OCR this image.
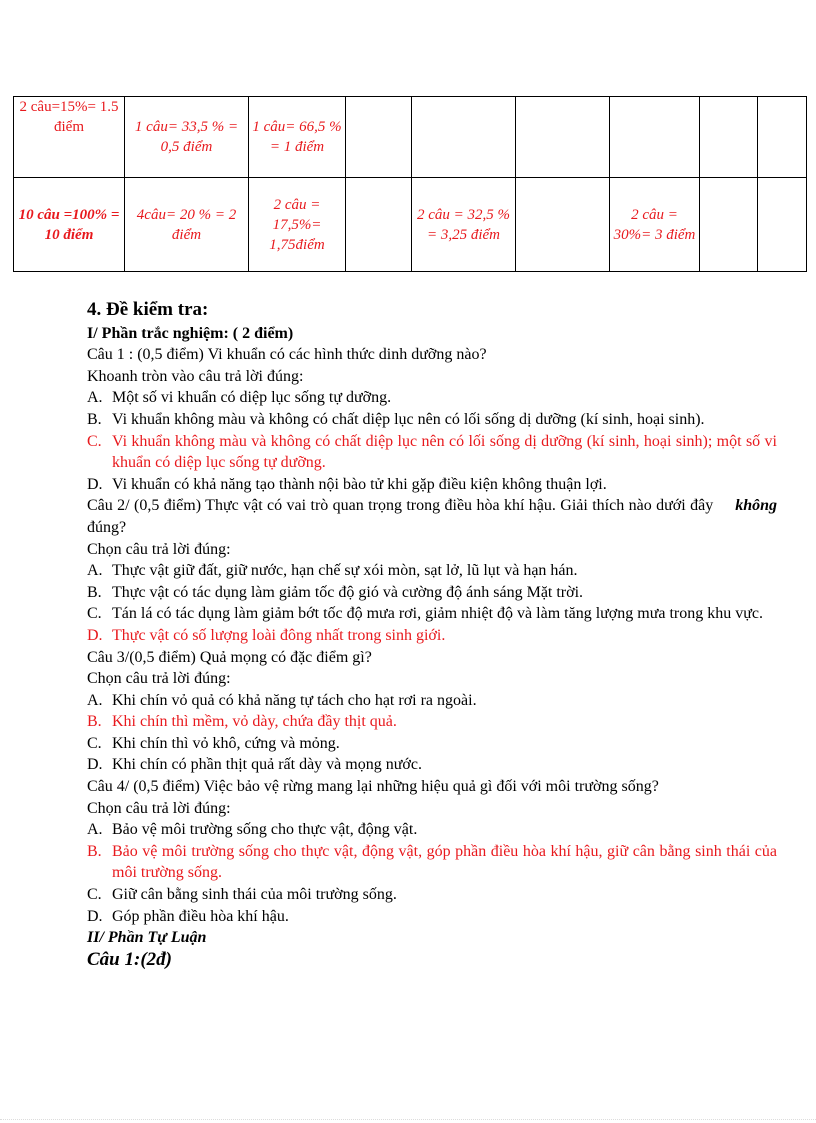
2 câu=15%= 1.5 điểm	1 câu= 33,5 % = 0,5 điểm	1 câu= 66,5 % = 1 điểm						
10 câu =100% = 10 điểm	4câu= 20 % = 2 điểm	2 câu = 17,5%= 1,75điểm		2 câu = 32,5 % = 3,25 điểm		2 câu = 30%= 3 điểm		
4. Đề kiểm tra:
I/ Phần trắc nghiệm: ( 2 điểm)
Câu 1 : (0,5 điểm) Vi khuẩn có các hình thức dinh dưỡng nào?
Khoanh tròn vào câu trả lời đúng:
A. Một số vi khuẩn có diệp lục sống tự dưỡng.
B. Vi khuẩn không màu và không có chất diệp lục nên có lối sống dị dưỡng (kí sinh, hoại sinh).
C. Vi khuẩn không màu và không có chất diệp lục nên có lối sống dị dưỡng (kí sinh, hoại sinh); một số vi khuẩn có diệp lục sống tự dưỡng.
D. Vi khuẩn có khả năng tạo thành nội bào tử khi gặp điều kiện không thuận lợi.
Câu 2/ (0,5 điểm) Thực vật có vai trò quan trọng trong điều hòa khí hậu. Giải thích nào dưới đây không đúng?
Chọn câu trả lời đúng:
A. Thực vật giữ đất, giữ nước, hạn chế sự xói mòn, sạt lở, lũ lụt và hạn hán.
B. Thực vật có tác dụng làm giảm tốc độ gió và cường độ ánh sáng Mặt trời.
C. Tán lá có tác dụng làm giảm bớt tốc độ mưa rơi, giảm nhiệt độ và làm tăng lượng mưa trong khu vực.
D. Thực vật có số lượng loài đông nhất trong sinh giới.
Câu 3/(0,5 điểm) Quả mọng có đặc điểm gì?
Chọn câu trả lời đúng:
A. Khi chín vỏ quả có khả năng tự tách cho hạt rơi ra ngoài.
B. Khi chín thì mềm, vỏ dày, chứa đầy thịt quả.
C. Khi chín thì vỏ khô, cứng và mỏng.
D. Khi chín có phần thịt quả rất dày và mọng nước.
Câu 4/ (0,5 điểm) Việc bảo vệ rừng mang lại những hiệu quả gì đối với môi trường sống?
Chọn câu trả lời đúng:
A. Bảo vệ môi trường sống cho thực vật, động vật.
B. Bảo vệ môi trường sống cho thực vật, động vật, góp phần điều hòa khí hậu, giữ cân bằng sinh thái của môi trường sống.
C. Giữ cân bằng sinh thái của môi trường sống.
D. Góp phần điều hòa khí hậu.
II/ Phần Tự Luận
Câu 1:(2đ)
